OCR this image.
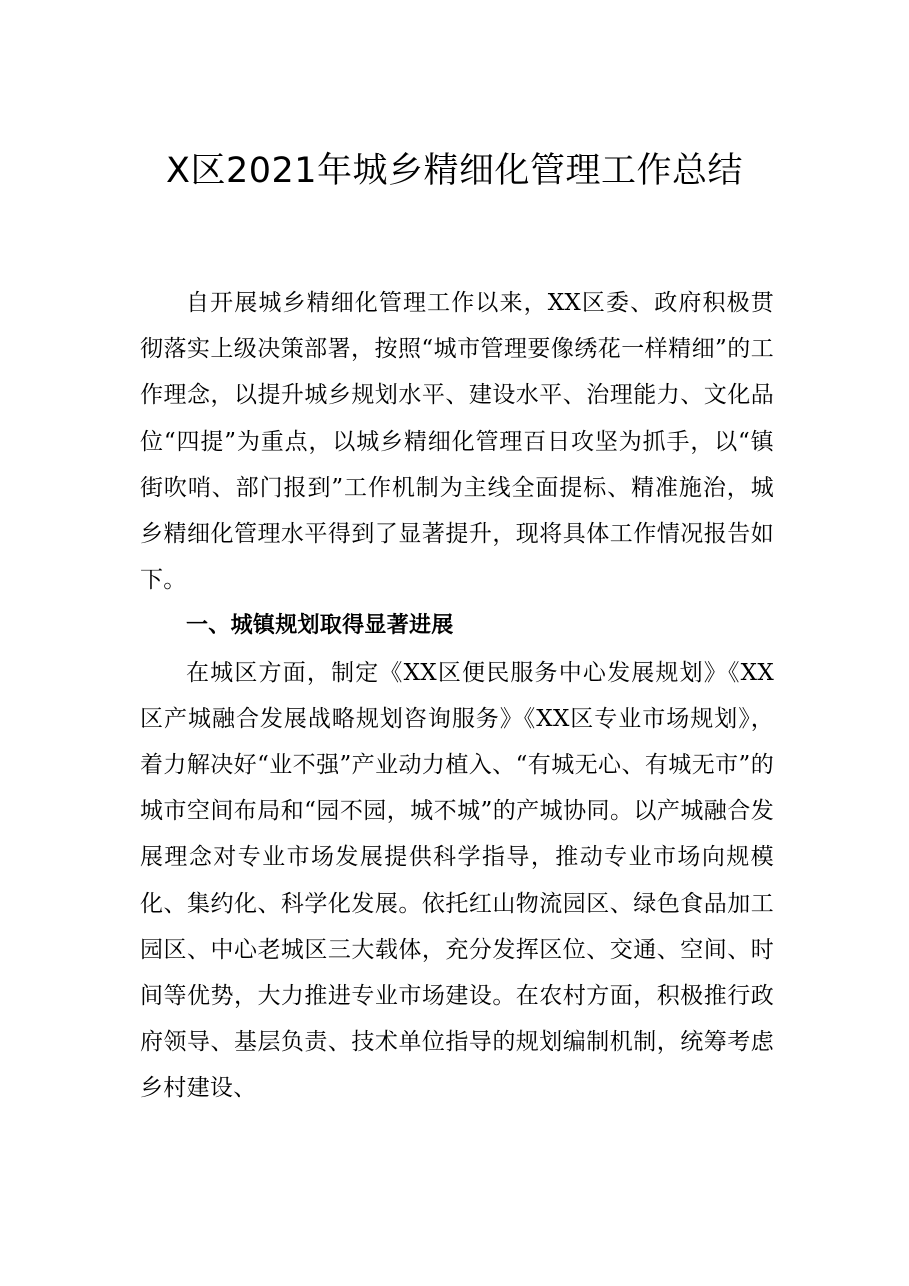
X区2021年城乡精细化管理工作总结

自开展城乡精细化管理工作以来，XX区委、政府积极贯彻落实上级决策部署，按照“城市管理要像绣花一样精细”的工作理念，以提升城乡规划水平、建设水平、治理能力、文化品位“四提”为重点，以城乡精细化管理百日攻坚为抓手，以“镇街吹哨、部门报到”工作机制为主线全面提标、精准施治，城乡精细化管理水平得到了显著提升，现将具体工作情况报告如下。

一、城镇规划取得显著进展

在城区方面，制定《XX区便民服务中心发展规划》《XX区产城融合发展战略规划咨询服务》《XX区专业市场规划》，着力解决好“业不强”产业动力植入、“有城无心、有城无市”的城市空间布局和“园不园，城不城”的产城协同。以产城融合发展理念对专业市场发展提供科学指导，推动专业市场向规模化、集约化、科学化发展。依托红山物流园区、绿色食品加工园区、中心老城区三大载体，充分发挥区位、交通、空间、时间等优势，大力推进专业市场建设。在农村方面，积极推行政府领导、基层负责、技术单位指导的规划编制机制，统筹考虑乡村建设、
